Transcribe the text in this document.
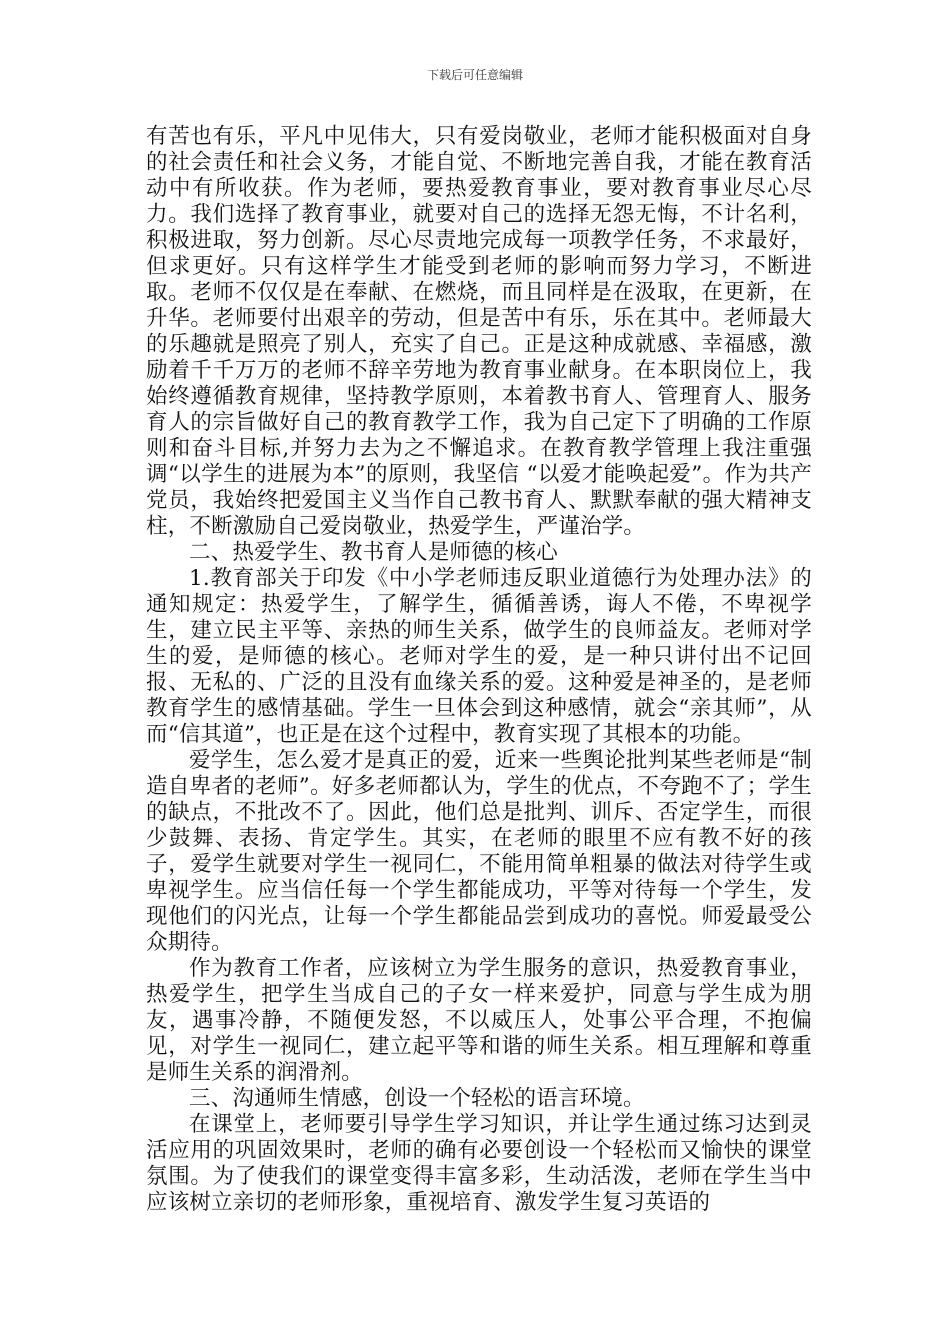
下载后可任意编辑

有苦也有乐，平凡中见伟大，只有爱岗敬业，老师才能积极面对自身的社会责任和社会义务，才能自觉、不断地完善自我，才能在教育活动中有所收获。作为老师，要热爱教育事业，要对教育事业尽心尽力。我们选择了教育事业，就要对自己的选择无怨无悔，不计名利，积极进取，努力创新。尽心尽责地完成每一项教学任务，不求最好，但求更好。只有这样学生才能受到老师的影响而努力学习，不断进取。老师不仅仅是在奉献、在燃烧，而且同样是在汲取，在更新，在升华。老师要付出艰辛的劳动，但是苦中有乐，乐在其中。老师最大的乐趣就是照亮了别人，充实了自己。正是这种成就感、幸福感，激励着千千万万的老师不辞辛劳地为教育事业献身。在本职岗位上，我始终遵循教育规律，坚持教学原则，本着教书育人、管理育人、服务育人的宗旨做好自己的教育教学工作，我为自己定下了明确的工作原则和奋斗目标,并努力去为之不懈追求。在教育教学管理上我注重强调“以学生的进展为本”的原则，我坚信 “以爱才能唤起爱”。作为共产党员，我始终把爱国主义当作自己教书育人、默默奉献的强大精神支柱，不断激励自己爱岗敬业，热爱学生，严谨治学。

二、热爱学生、教书育人是师德的核心

1.教育部关于印发《中小学老师违反职业道德行为处理办法》的通知规定：热爱学生，了解学生，循循善诱，诲人不倦，不卑视学生，建立民主平等、亲热的师生关系，做学生的良师益友。老师对学生的爱，是师德的核心。老师对学生的爱，是一种只讲付出不记回报、无私的、广泛的且没有血缘关系的爱。这种爱是神圣的，是老师教育学生的感情基础。学生一旦体会到这种感情，就会“亲其师”，从而“信其道”，也正是在这个过程中，教育实现了其根本的功能。

爱学生，怎么爱才是真正的爱，近来一些舆论批判某些老师是“制造自卑者的老师”。好多老师都认为，学生的优点，不夸跑不了；学生的缺点，不批改不了。因此，他们总是批判、训斥、否定学生，而很少鼓舞、表扬、肯定学生。其实，在老师的眼里不应有教不好的孩子，爱学生就要对学生一视同仁，不能用简单粗暴的做法对待学生或卑视学生。应当信任每一个学生都能成功，平等对待每一个学生，发现他们的闪光点，让每一个学生都能品尝到成功的喜悦。师爱最受公众期待。

作为教育工作者，应该树立为学生服务的意识，热爱教育事业，热爱学生，把学生当成自己的子女一样来爱护，同意与学生成为朋友，遇事冷静，不随便发怒，不以威压人，处事公平合理，不抱偏见，对学生一视同仁，建立起平等和谐的师生关系。相互理解和尊重是师生关系的润滑剂。

三、沟通师生情感，创设一个轻松的语言环境。

在课堂上，老师要引导学生学习知识，并让学生通过练习达到灵活应用的巩固效果时，老师的确有必要创设一个轻松而又愉快的课堂氛围。为了使我们的课堂变得丰富多彩，生动活泼，老师在学生当中应该树立亲切的老师形象，重视培育、激发学生复习英语的
